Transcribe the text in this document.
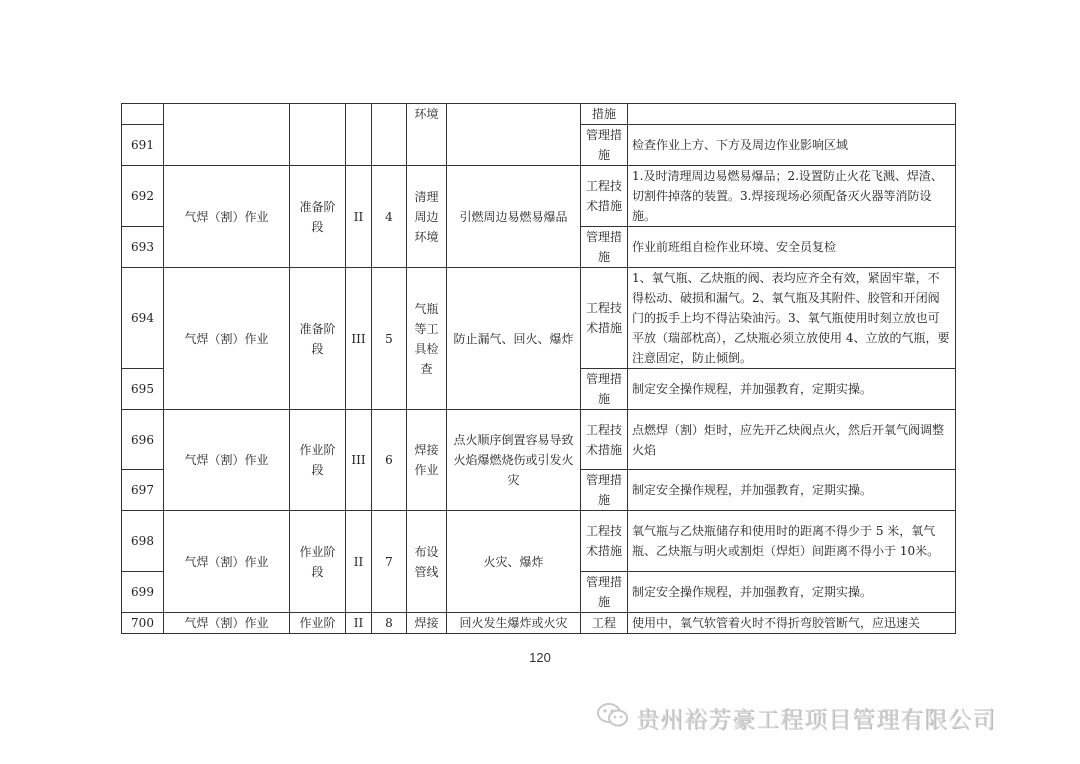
					环境		措施	
691							管理措施	检查作业上方、下方及周边作业影响区域
692	气焊（割）作业	准备阶段	II	4	清理周边环境	引燃周边易燃易爆品	工程技术措施	1.及时清理周边易燃易爆品；2.设置防止火花飞溅、焊渣、切割件掉落的装置。3.焊接现场必须配备灭火器等消防设施。
693							管理措施	作业前班组自检作业环境、安全员复检
694	气焊（割）作业	准备阶段	III	5	气瓶等工具检查	防止漏气、回火、爆炸	工程技术措施	1、氧气瓶、乙炔瓶的阀、表均应齐全有效，紧固牢靠，不得松动、破损和漏气。2、氧气瓶及其附件、胶管和开闭阀门的扳手上均不得沾染油污。3、氧气瓶使用时刻立放也可平放（瑞部枕高），乙炔瓶必须立放使用 4、立放的气瓶，要注意固定，防止倾倒。
695							管理措施	制定安全操作规程，并加强教育，定期实操。
696	气焊（割）作业	作业阶段	III	6	焊接作业	点火顺序倒置容易导致火焰爆燃烧伤或引发火灾	工程技术措施	点燃焊（割）炬时，应先开乙炔阀点火，然后开氧气阀调整火焰
697							管理措施	制定安全操作规程，并加强教育，定期实操。
698	气焊（割）作业	作业阶段	II	7	布设管线	火灾、爆炸	工程技术措施	氧气瓶与乙炔瓶储存和使用时的距离不得少于 5 米，氧气瓶、乙炔瓶与明火或割炬（焊炬）间距离不得小于 10米。
699							管理措施	制定安全操作规程，并加强教育，定期实操。
700	气焊（割）作业	作业阶	II	8	焊接	回火发生爆炸或火灾	工程	使用中，氧气软管着火时不得折弯胶管断气，应迅速关
120
贵州裕芳豪工程项目管理有限公司
